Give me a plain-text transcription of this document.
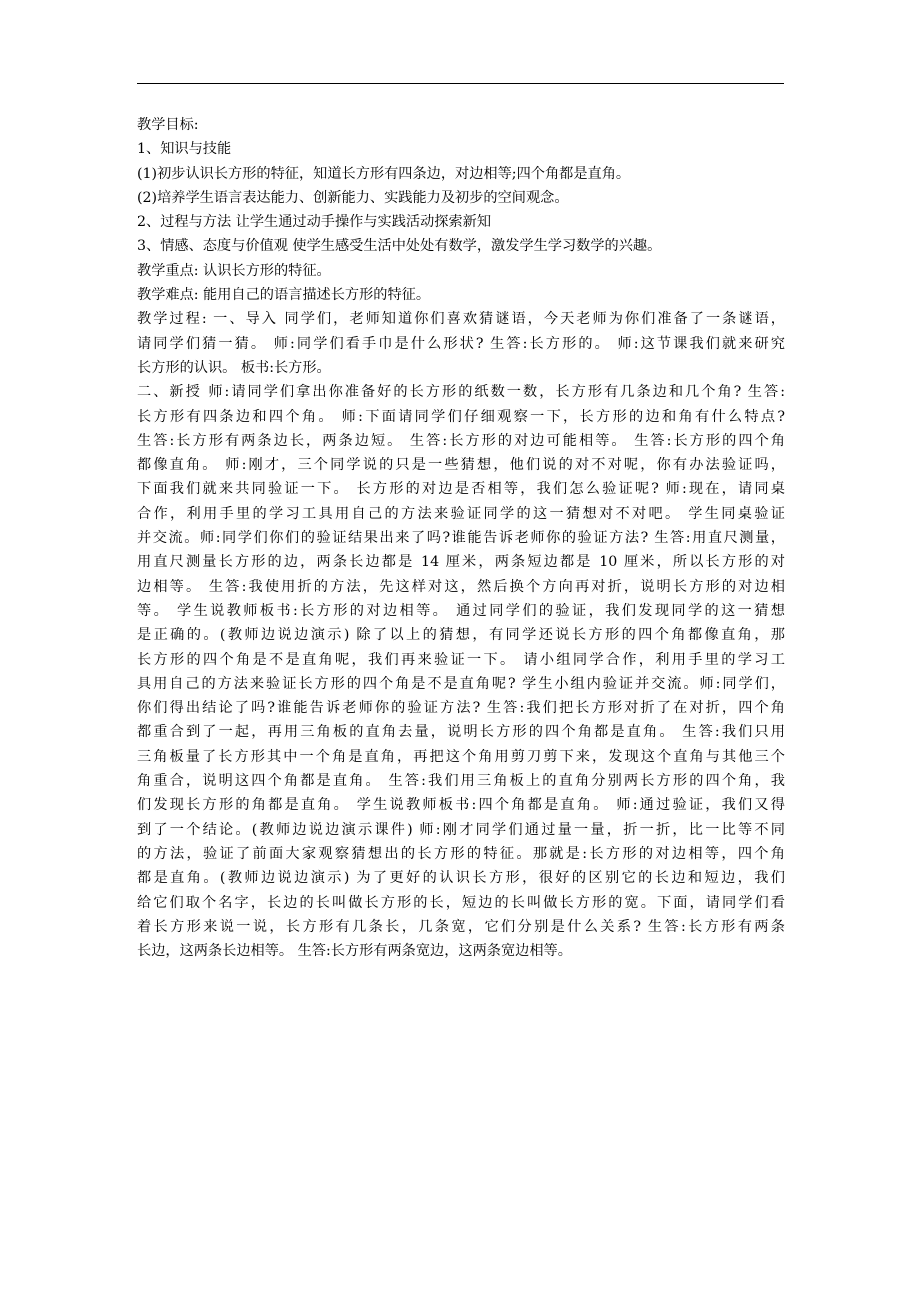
教学目标:
1、知识与技能
(1)初步认识长方形的特征，知道长方形有四条边，对边相等;四个角都是直角。
(2)培养学生语言表达能力、创新能力、实践能力及初步的空间观念。
2、过程与方法 让学生通过动手操作与实践活动探索新知
3、情感、态度与价值观 使学生感受生活中处处有数学，激发学生学习数学的兴趣。
教学重点: 认识长方形的特征。
教学难点: 能用自己的语言描述长方形的特征。
教学过程: 一、导入 同学们，老师知道你们喜欢猜谜语，今天老师为你们准备了一条谜语，
请同学们猜一猜。 师:同学们看手巾是什么形状? 生答:长方形的。 师:这节课我们就来研究
长方形的认识。 板书:长方形。
二、新授 师:请同学们拿出你准备好的长方形的纸数一数，长方形有几条边和几个角? 生答:
长方形有四条边和四个角。 师:下面请同学们仔细观察一下，长方形的边和角有什么特点?
生答:长方形有两条边长，两条边短。 生答:长方形的对边可能相等。 生答:长方形的四个角
都像直角。 师:刚才，三个同学说的只是一些猜想，他们说的对不对呢，你有办法验证吗，
下面我们就来共同验证一下。 长方形的对边是否相等，我们怎么验证呢? 师:现在，请同桌
合作，利用手里的学习工具用自己的方法来验证同学的这一猜想对不对吧。 学生同桌验证
并交流。师:同学们你们的验证结果出来了吗?谁能告诉老师你的验证方法? 生答:用直尺测量，
用直尺测量长方形的边，两条长边都是 14 厘米，两条短边都是 10 厘米，所以长方形的对
边相等。 生答:我使用折的方法，先这样对这，然后换个方向再对折，说明长方形的对边相
等。 学生说教师板书:长方形的对边相等。 通过同学们的验证，我们发现同学的这一猜想
是正确的。(教师边说边演示) 除了以上的猜想，有同学还说长方形的四个角都像直角，那
长方形的四个角是不是直角呢，我们再来验证一下。 请小组同学合作，利用手里的学习工
具用自己的方法来验证长方形的四个角是不是直角呢? 学生小组内验证并交流。师:同学们，
你们得出结论了吗?谁能告诉老师你的验证方法? 生答:我们把长方形对折了在对折，四个角
都重合到了一起，再用三角板的直角去量，说明长方形的四个角都是直角。 生答:我们只用
三角板量了长方形其中一个角是直角，再把这个角用剪刀剪下来，发现这个直角与其他三个
角重合，说明这四个角都是直角。 生答:我们用三角板上的直角分别两长方形的四个角，我
们发现长方形的角都是直角。 学生说教师板书:四个角都是直角。 师:通过验证，我们又得
到了一个结论。(教师边说边演示课件) 师:刚才同学们通过量一量，折一折，比一比等不同
的方法，验证了前面大家观察猜想出的长方形的特征。那就是:长方形的对边相等，四个角
都是直角。(教师边说边演示) 为了更好的认识长方形，很好的区别它的长边和短边，我们
给它们取个名字，长边的长叫做长方形的长，短边的长叫做长方形的宽。下面，请同学们看
着长方形来说一说，长方形有几条长，几条宽，它们分别是什么关系? 生答:长方形有两条
长边，这两条长边相等。 生答:长方形有两条宽边，这两条宽边相等。
